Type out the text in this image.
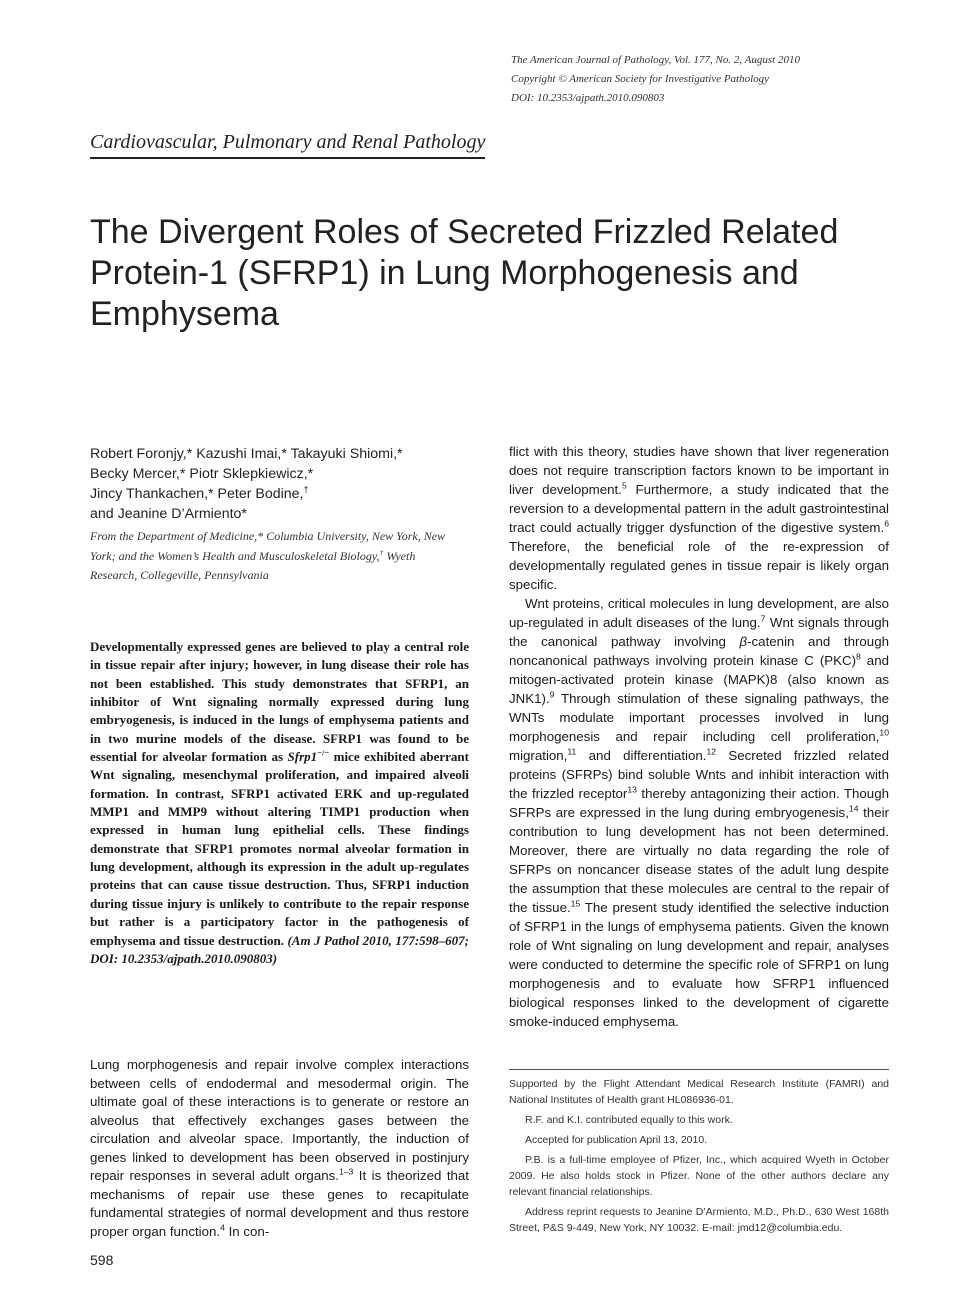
The American Journal of Pathology, Vol. 177, No. 2, August 2010
Copyright © American Society for Investigative Pathology
DOI: 10.2353/ajpath.2010.090803
Cardiovascular, Pulmonary and Renal Pathology
The Divergent Roles of Secreted Frizzled Related Protein-1 (SFRP1) in Lung Morphogenesis and Emphysema
Robert Foronjy,* Kazushi Imai,* Takayuki Shiomi,*
Becky Mercer,* Piotr Sklepkiewicz,*
Jincy Thankachen,* Peter Bodine,†
and Jeanine D’Armiento*
From the Department of Medicine,* Columbia University, New York, New York; and the Women’s Health and Musculoskeletal Biology,† Wyeth Research, Collegeville, Pennsylvania
Developmentally expressed genes are believed to play a central role in tissue repair after injury; however, in lung disease their role has not been established. This study demonstrates that SFRP1, an inhibitor of Wnt signaling normally expressed during lung embryogenesis, is induced in the lungs of emphysema patients and in two murine models of the disease. SFRP1 was found to be essential for alveolar formation as Sfrp1−/− mice exhibited aberrant Wnt signaling, mesenchymal proliferation, and impaired alveoli formation. In contrast, SFRP1 activated ERK and up-regulated MMP1 and MMP9 without altering TIMP1 production when expressed in human lung epithelial cells. These findings demonstrate that SFRP1 promotes normal alveolar formation in lung development, although its expression in the adult up-regulates proteins that can cause tissue destruction. Thus, SFRP1 induction during tissue injury is unlikely to contribute to the repair response but rather is a participatory factor in the pathogenesis of emphysema and tissue destruction. (Am J Pathol 2010, 177:598–607; DOI: 10.2353/ajpath.2010.090803)

Lung morphogenesis and repair involve complex interactions between cells of endodermal and mesodermal origin. The ultimate goal of these interactions is to generate or restore an alveolus that effectively exchanges gases between the circulation and alveolar space. Importantly, the induction of genes linked to development has been observed in postinjury repair responses in several adult organs.$^{1-3}$ It is theorized that mechanisms of repair use these genes to recapitulate fundamental strategies of normal development and thus restore proper organ function.$^4$ In con-

flict with this theory, studies have shown that liver regeneration does not require transcription factors known to be important in liver development.$^5$ Furthermore, a study indicated that the reversion to a developmental pattern in the adult gastrointestinal tract could actually trigger dysfunction of the digestive system.$^6$ Therefore, the beneficial role of the re-expression of developmentally regulated genes in tissue repair is likely organ specific.

Wnt proteins, critical molecules in lung development, are also up-regulated in adult diseases of the lung.$^7$ Wnt signals through the canonical pathway involving β-catenin and through noncanonical pathways involving protein kinase C (PKC)$^8$ and mitogen-activated protein kinase (MAPK)8 (also known as JNK1).$^9$ Through stimulation of these signaling pathways, the WNTs modulate important processes involved in lung morphogenesis and repair including cell proliferation,$^{10}$ migration,$^{11}$ and differentiation.$^{12}$ Secreted frizzled related proteins (SFRPs) bind soluble Wnts and inhibit interaction with the frizzled receptor$^{13}$ thereby antagonizing their action. Though SFRPs are expressed in the lung during embryogenesis,$^{14}$ their contribution to lung development has not been determined. Moreover, there are virtually no data regarding the role of SFRPs on noncancer disease states of the adult lung despite the assumption that these molecules are central to the repair of the tissue.$^{15}$ The present study identified the selective induction of SFRP1 in the lungs of emphysema patients. Given the known role of Wnt signaling on lung development and repair, analyses were conducted to determine the specific role of SFRP1 on lung morphogenesis and to evaluate how SFRP1 influenced biological responses linked to the development of cigarette smoke-induced emphysema.

Supported by the Flight Attendant Medical Research Institute (FAMRI) and National Institutes of Health grant HL086936-01.

R.F. and K.I. contributed equally to this work.

Accepted for publication April 13, 2010.

P.B. is a full-time employee of Pfizer, Inc., which acquired Wyeth in October 2009. He also holds stock in Pfizer. None of the other authors declare any relevant financial relationships.

Address reprint requests to Jeanine D’Armiento, M.D., Ph.D., 630 West 168th Street, P&S 9-449, New York, NY 10032. E-mail: jmd12@columbia.edu.

598
